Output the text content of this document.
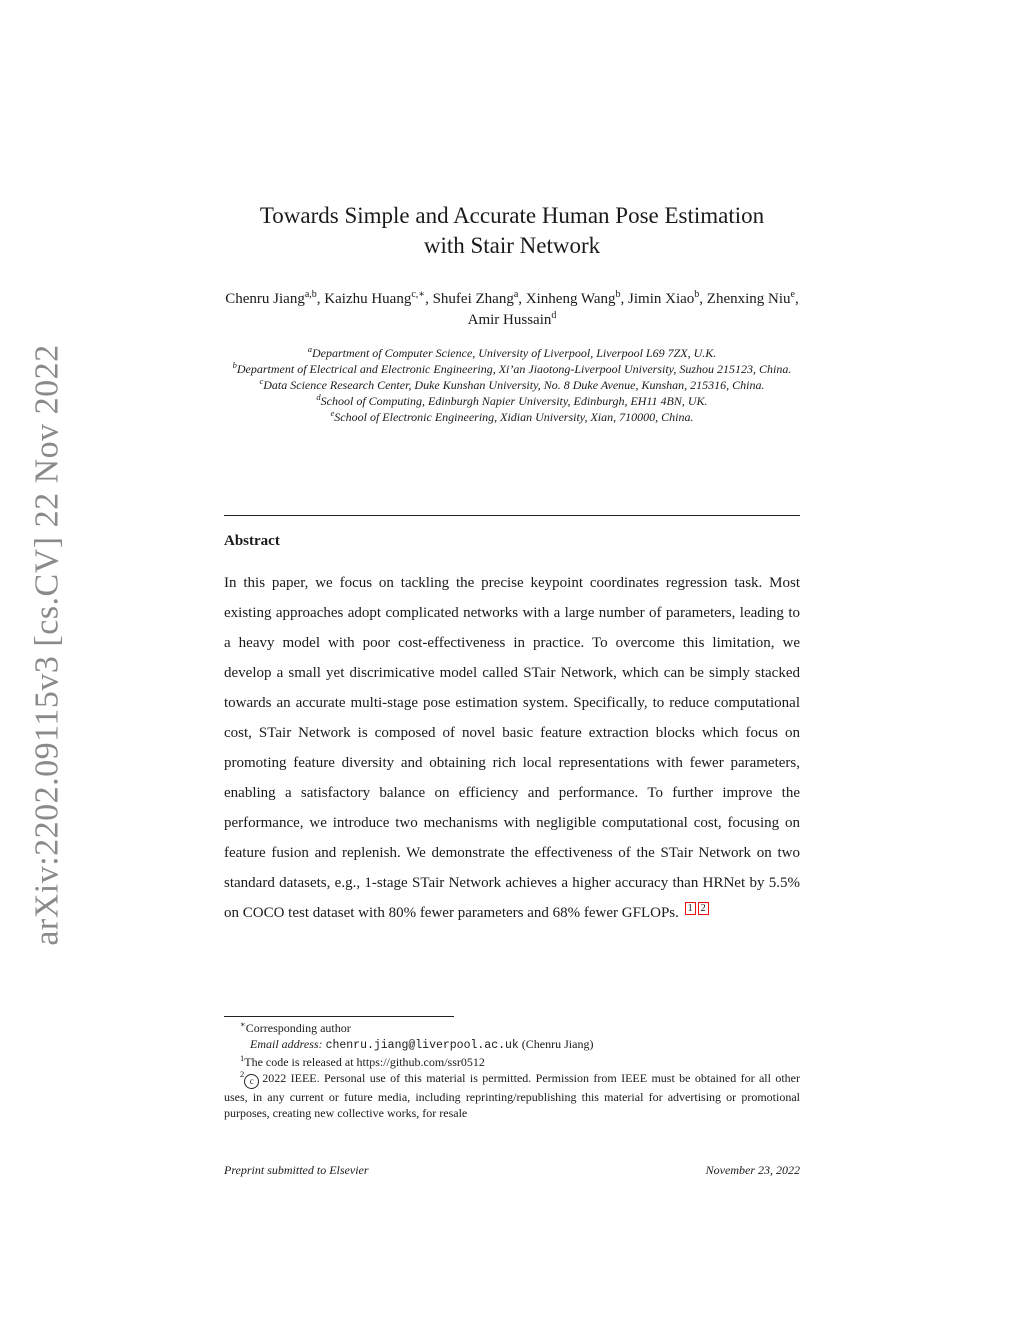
arXiv:2202.09115v3 [cs.CV] 22 Nov 2022
Towards Simple and Accurate Human Pose Estimation
with Stair Network
Chenru Jiang$^{a,b}$, Kaizhu Huang$^{c,∗}$, Shufei Zhang$^a$, Xinheng Wang$^b$, Jimin Xiao$^b$, Zhenxing Niu$^e$, Amir Hussain$^d$
$^a$Department of Computer Science, University of Liverpool, Liverpool L69 7ZX, U.K.
$^b$Department of Electrical and Electronic Engineering, Xi’an Jiaotong-Liverpool University, Suzhou 215123, China.
$^c$Data Science Research Center, Duke Kunshan University, No. 8 Duke Avenue, Kunshan, 215316, China.
$^d$School of Computing, Edinburgh Napier University, Edinburgh, EH11 4BN, UK.
$^e$School of Electronic Engineering, Xidian University, Xian, 710000, China.
Abstract
In this paper, we focus on tackling the precise keypoint coordinates regression task. Most existing approaches adopt complicated networks with a large number of parameters, leading to a heavy model with poor cost-effectiveness in practice. To overcome this limitation, we develop a small yet discrimicative model called STair Network, which can be simply stacked towards an accurate multi-stage pose estimation system. Specifically, to reduce computational cost, STair Network is composed of novel basic feature extraction blocks which focus on promoting feature diversity and obtaining rich local representations with fewer parameters, enabling a satisfactory balance on efficiency and performance. To further improve the performance, we introduce two mechanisms with negligible computational cost, focusing on feature fusion and replenish. We demonstrate the effectiveness of the STair Network on two standard datasets, e.g., 1-stage STair Network achieves a higher accuracy than HRNet by 5.5% on COCO test dataset with 80% fewer parameters and 68% fewer GFLOPs. 1 2
∗Corresponding author
Email address: chenru.jiang@liverpool.ac.uk (Chenru Jiang)
$^1$The code is released at https://github.com/ssr0512
$^2$c 2022 IEEE. Personal use of this material is permitted. Permission from IEEE must be obtained for all other uses, in any current or future media, including reprinting/republishing this material for advertising or promotional purposes, creating new collective works, for resale
Preprint submitted to Elsevier	November 23, 2022
